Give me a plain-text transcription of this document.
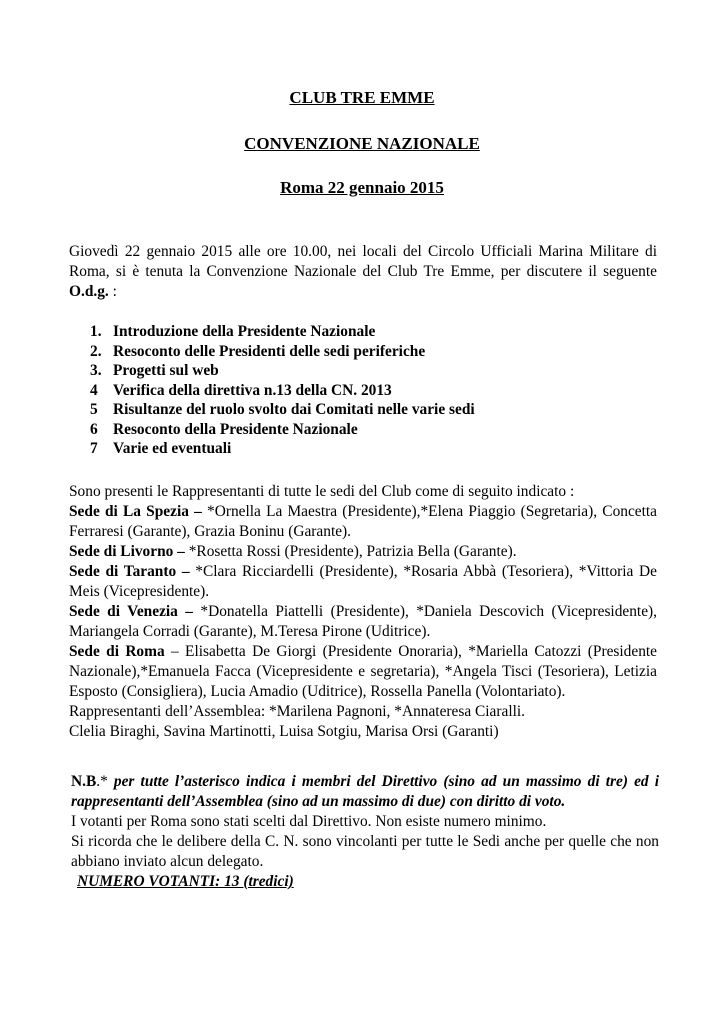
CLUB TRE EMME
CONVENZIONE NAZIONALE
Roma 22 gennaio 2015
Giovedì 22 gennaio 2015 alle ore 10.00, nei locali del Circolo Ufficiali Marina Militare di Roma, si è tenuta la Convenzione Nazionale del Club Tre Emme, per discutere il seguente O.d.g. :
1. Introduzione della Presidente Nazionale
2. Resoconto delle Presidenti delle sedi periferiche
3. Progetti sul web
4 Verifica della direttiva n.13 della CN. 2013
5 Risultanze del ruolo svolto dai Comitati nelle varie sedi
6 Resoconto della Presidente Nazionale
7 Varie ed eventuali
Sono presenti le Rappresentanti di tutte le sedi del Club come di seguito indicato :
Sede di La Spezia – *Ornella La Maestra (Presidente),*Elena Piaggio (Segretaria), Concetta Ferraresi (Garante), Grazia Boninu (Garante).
Sede di Livorno – *Rosetta Rossi (Presidente), Patrizia Bella (Garante).
Sede di Taranto – *Clara Ricciardelli (Presidente), *Rosaria Abbà (Tesoriera), *Vittoria De Meis (Vicepresidente).
Sede di Venezia – *Donatella Piattelli (Presidente), *Daniela Descovich (Vicepresidente), Mariangela Corradi (Garante), M.Teresa Pirone (Uditrice).
Sede di Roma – Elisabetta De Giorgi (Presidente Onoraria), *Mariella Catozzi (Presidente Nazionale),*Emanuela Facca (Vicepresidente e segretaria), *Angela Tisci (Tesoriera), Letizia Esposto (Consigliera), Lucia Amadio (Uditrice), Rossella Panella (Volontariato).
Rappresentanti dell’Assemblea: *Marilena Pagnoni, *Annateresa Ciaralli.
Clelia Biraghi, Savina Martinotti, Luisa Sotgiu, Marisa Orsi (Garanti)
N.B.* per tutte l’asterisco indica i membri del Direttivo (sino ad un massimo di tre) ed i rappresentanti dell’Assemblea (sino ad un massimo di due) con diritto di voto.
I votanti per Roma sono stati scelti dal Direttivo. Non esiste numero minimo.
Si ricorda che le delibere della C. N. sono vincolanti per tutte le Sedi anche per quelle che non abbiano inviato alcun delegato.
NUMERO VOTANTI: 13 (tredici)
